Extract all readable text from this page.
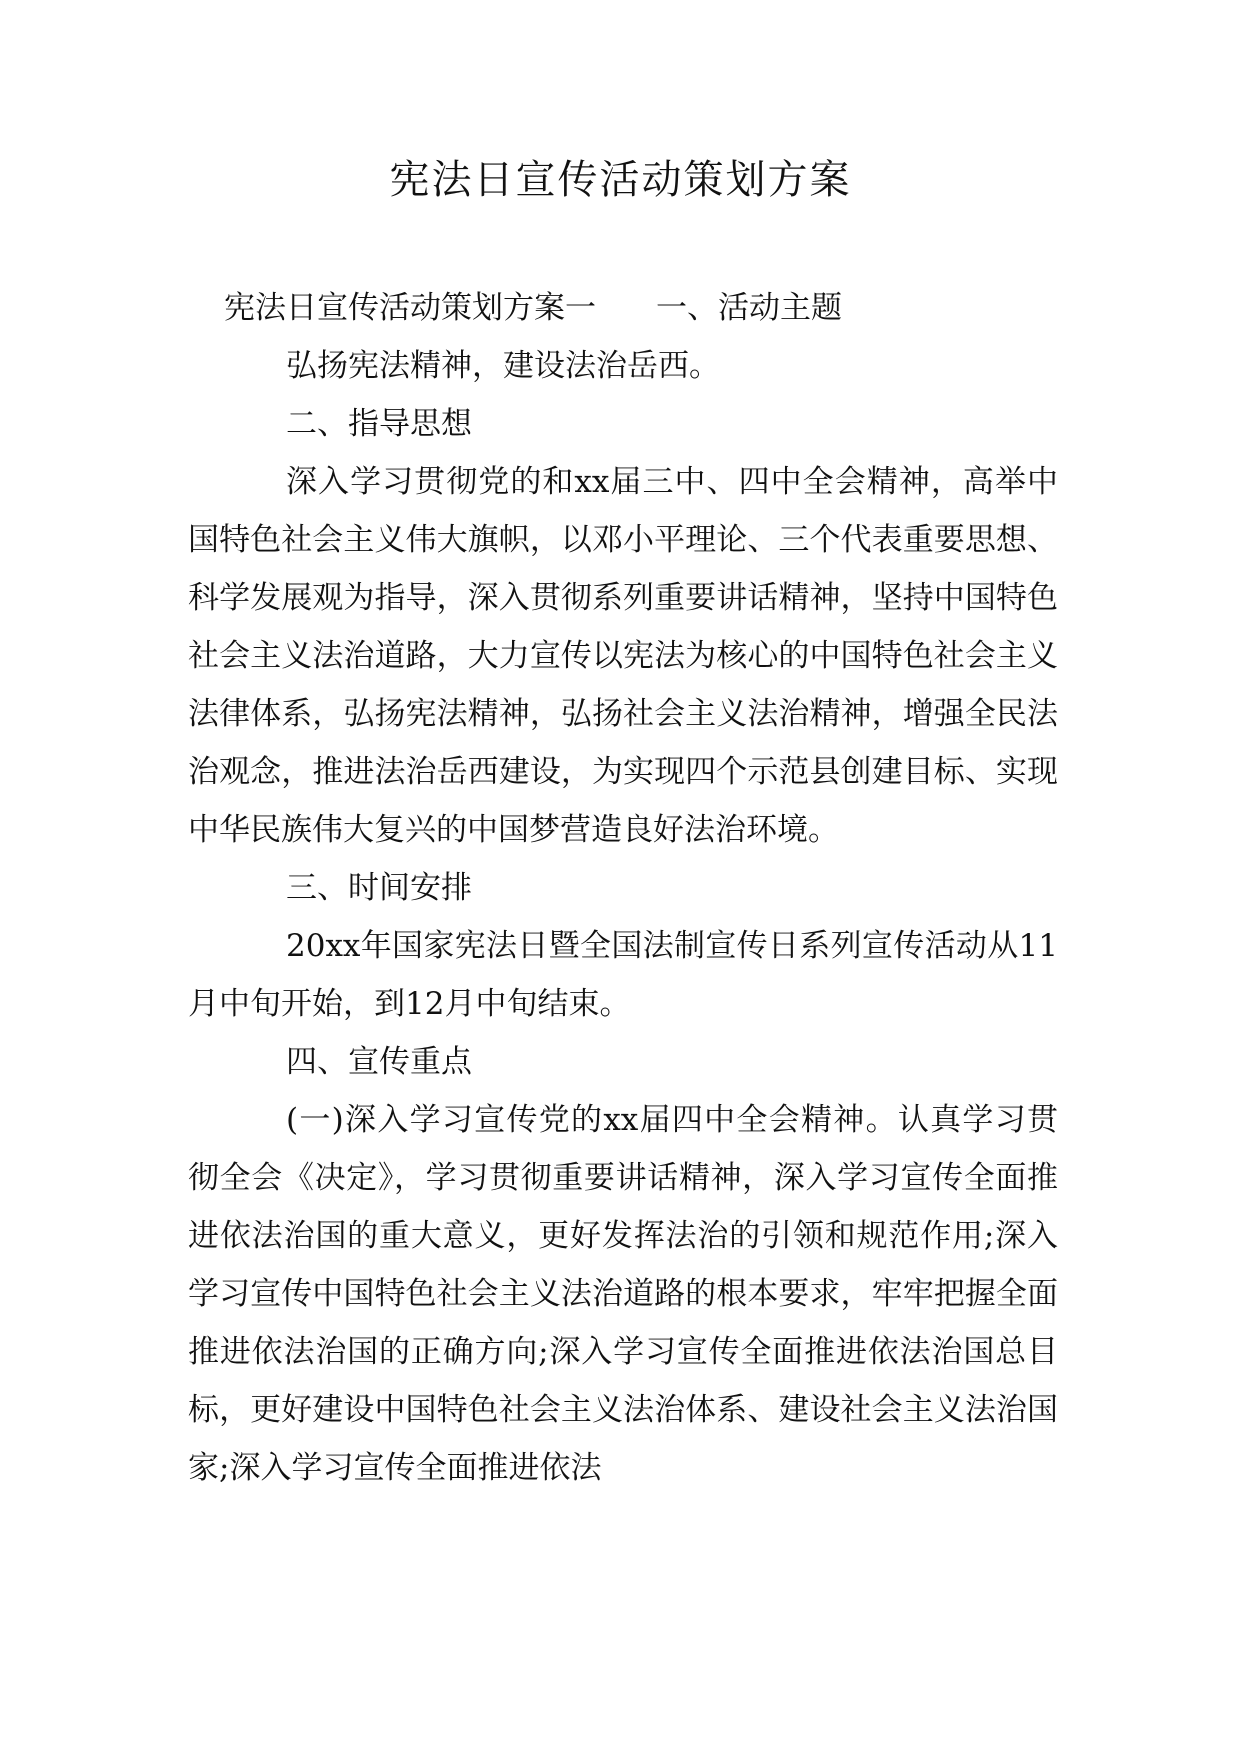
宪法日宣传活动策划方案

宪法日宣传活动策划方案一 一、活动主题

弘扬宪法精神，建设法治岳西。

二、指导思想

深入学习贯彻党的和xx届三中、四中全会精神，高举中国特色社会主义伟大旗帜，以邓小平理论、三个代表重要思想、科学发展观为指导，深入贯彻系列重要讲话精神，坚持中国特色社会主义法治道路，大力宣传以宪法为核心的中国特色社会主义法律体系，弘扬宪法精神，弘扬社会主义法治精神，增强全民法治观念，推进法治岳西建设，为实现四个示范县创建目标、实现中华民族伟大复兴的中国梦营造良好法治环境。

三、时间安排

20xx年国家宪法日暨全国法制宣传日系列宣传活动从11月中旬开始，到12月中旬结束。

四、宣传重点

(一)深入学习宣传党的xx届四中全会精神。认真学习贯彻全会《决定》，学习贯彻重要讲话精神，深入学习宣传全面推进依法治国的重大意义，更好发挥法治的引领和规范作用;深入学习宣传中国特色社会主义法治道路的根本要求，牢牢把握全面推进依法治国的正确方向;深入学习宣传全面推进依法治国总目标，更好建设中国特色社会主义法治体系、建设社会主义法治国家;深入学习宣传全面推进依法
